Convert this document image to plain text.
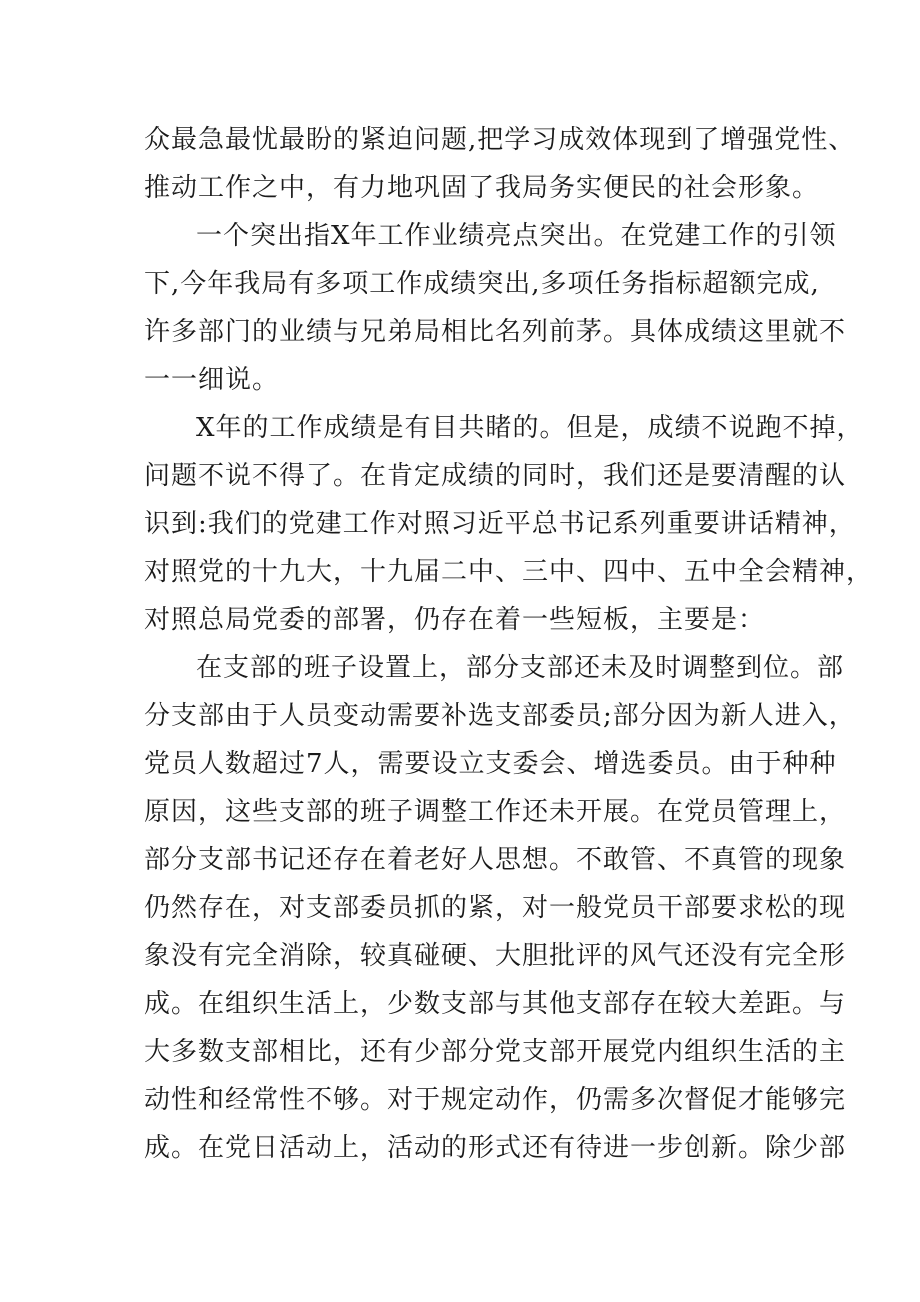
众最急最忧最盼的紧迫问题,把学习成效体现到了增强党性、
推动工作之中，有力地巩固了我局务实便民的社会形象。
一个突出指X年工作业绩亮点突出。在党建工作的引领
下,今年我局有多项工作成绩突出,多项任务指标超额完成,
许多部门的业绩与兄弟局相比名列前茅。具体成绩这里就不
一一细说。
X年的工作成绩是有目共睹的。但是，成绩不说跑不掉，
问题不说不得了。在肯定成绩的同时，我们还是要清醒的认
识到:我们的党建工作对照习近平总书记系列重要讲话精神，
对照党的十九大，十九届二中、三中、四中、五中全会精神，
对照总局党委的部署，仍存在着一些短板，主要是：
在支部的班子设置上，部分支部还未及时调整到位。部
分支部由于人员变动需要补选支部委员;部分因为新人进入，
党员人数超过7人，需要设立支委会、增选委员。由于种种
原因，这些支部的班子调整工作还未开展。在党员管理上，
部分支部书记还存在着老好人思想。不敢管、不真管的现象
仍然存在，对支部委员抓的紧，对一般党员干部要求松的现
象没有完全消除，较真碰硬、大胆批评的风气还没有完全形
成。在组织生活上，少数支部与其他支部存在较大差距。与
大多数支部相比，还有少部分党支部开展党内组织生活的主
动性和经常性不够。对于规定动作，仍需多次督促才能够完
成。在党日活动上，活动的形式还有待进一步创新。除少部
